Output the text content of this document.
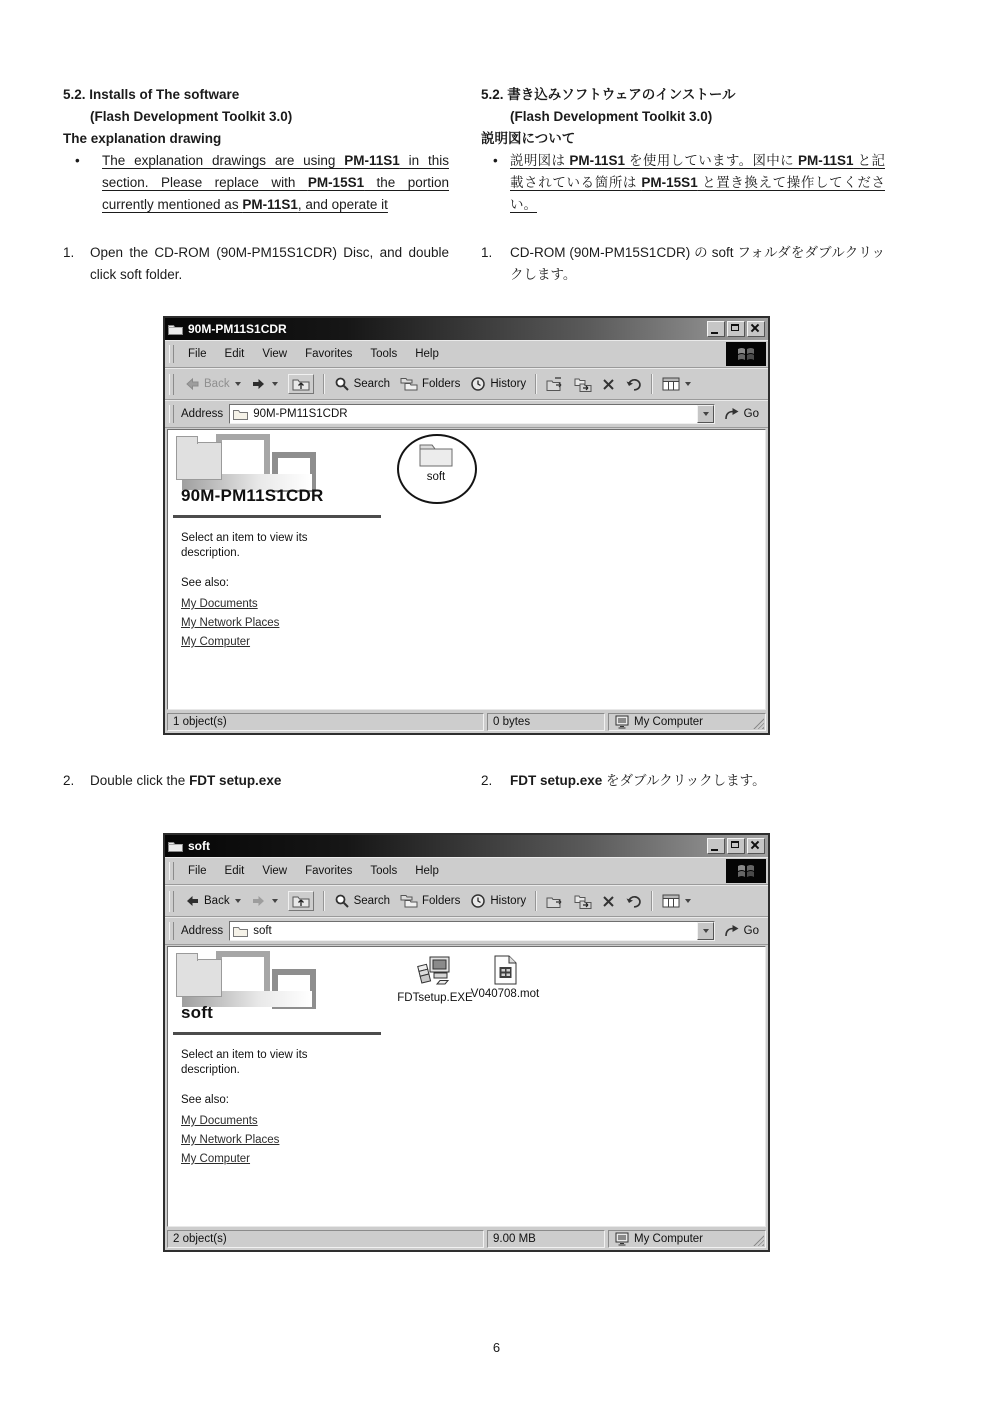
5.2. Installs of The software
(Flash Development Toolkit 3.0)
The explanation drawing
•	The explanation drawings are using PM-11S1 in this section. Please replace with PM-15S1 the portion currently mentioned as PM-11S1, and operate it
1.	Open the CD-ROM (90M-PM15S1CDR) Disc, and double click soft folder.
5.2. 書き込みソフトウェアのインストール
(Flash Development Toolkit 3.0)
説明図について
• 説明図は PM-11S1 を使用しています。図中に PM-11S1 と記載されている箇所は PM-15S1 と置き換えて操作してください。
1.	CD-ROM (90M-PM15S1CDR) の soft フォルダをダブルクリックします。
90M-PM11S1CDR
File	Edit	View	Favorites	Tools	Help
Back	Search	Folders	History
Address	90M-PM11S1CDR	Go
90M-PM11S1CDR
Select an item to view its description.
See also:
My Documents
My Network Places
My Computer
soft
1 object(s)	0 bytes	My Computer
2.	Double click the FDT setup.exe	2.	FDT setup.exe をダブルクリックします。
soft
File	Edit	View	Favorites	Tools	Help
Back	Search	Folders	History
Address	soft	Go
soft
Select an item to view its description.
See also:
My Documents
My Network Places
My Computer
FDTsetup.EXE
V040708.mot
2 object(s)	9.00 MB	My Computer
6
